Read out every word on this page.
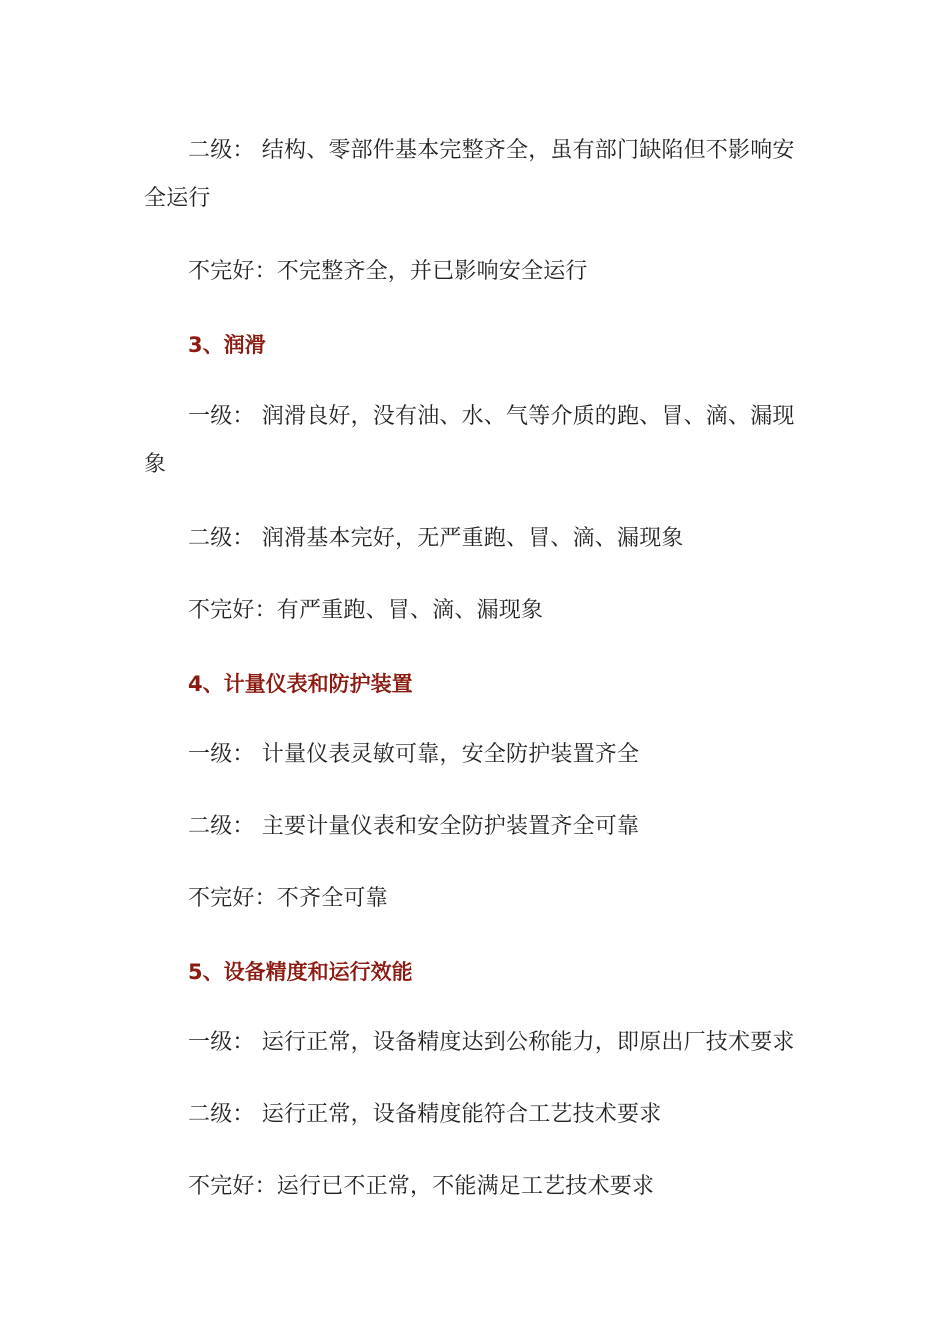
二级： 结构、零部件基本完整齐全，虽有部门缺陷但不影响安全运行

不完好：不完整齐全，并已影响安全运行

3、润滑

一级： 润滑良好，没有油、水、气等介质的跑、冒、滴、漏现象

二级： 润滑基本完好，无严重跑、冒、滴、漏现象

不完好：有严重跑、冒、滴、漏现象

4、计量仪表和防护装置

一级： 计量仪表灵敏可靠，安全防护装置齐全

二级： 主要计量仪表和安全防护装置齐全可靠

不完好：不齐全可靠

5、设备精度和运行效能

一级： 运行正常，设备精度达到公称能力，即原出厂技术要求

二级： 运行正常，设备精度能符合工艺技术要求

不完好：运行已不正常，不能满足工艺技术要求
